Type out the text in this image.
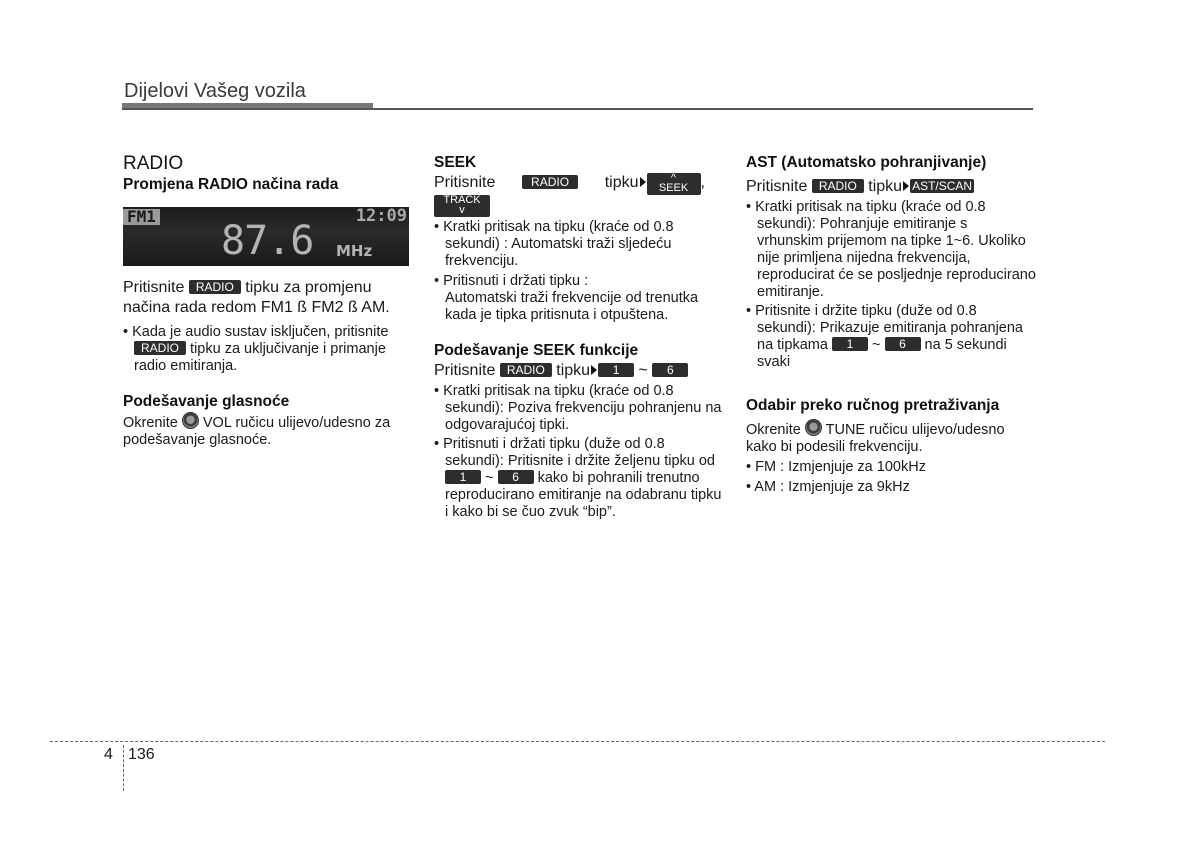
Dijelovi Vašeg vozila
RADIO

Promjena RADIO načina rada

FM1	12:09
87.6 MHz

Pritisnite RADIO tipku za promjenu načina rada redom FM1 ß FM2 ß AM.

• Kada je audio sustav isključen, pritisnite RADIO tipku za uključivanje i primanje radio emitiranja.

Podešavanje glasnoće

Okrenite VOL ručicu ulijevo/udesno za podešavanje glasnoće.

SEEK

Pritisnite	RADIO tipku	^
SEEK ,
TRACK
v

• Kratki pritisak na tipku (kraće od 0.8 sekundi) : Automatski traži sljedeću frekvenciju.

• Pritisnuti i držati tipku :
Automatski traži frekvencije od trenutka kada je tipka pritisnuta i otpuštena.

Podešavanje SEEK funkcije

Pritisnite RADIO tipku 1 ~ 6

• Kratki pritisak na tipku (kraće od 0.8 sekundi): Poziva frekvenciju pohranjenu na odgovarajućoj tipki.

• Pritisnuti i držati tipku (duže od 0.8 sekundi): Pritisnite i držite željenu tipku od 1 ~ 6 kako bi pohranili trenutno reproducirano emitiranje na odabranu tipku i kako bi se čuo zvuk “bip”.

AST (Automatsko pohranjivanje)

Pritisnite RADIO tipku AST/SCAN

• Kratki pritisak na tipku (kraće od 0.8 sekundi): Pohranjuje emitiranje s vrhunskim prijemom na tipke 1~6. Ukoliko nije primljena nijedna frekvencija, reproducirat će se posljednje reproducirano emitiranje.

• Pritisnite i držite tipku (duže od 0.8 sekundi): Prikazuje emitiranja pohranjena na tipkama 1 ~ 6 na 5 sekundi svaki

Odabir preko ručnog pretraživanja

Okrenite TUNE ručicu ulijevo/udesno kako bi podesili frekvenciju.

• FM : Izmjenjuje za 100kHz

• AM : Izmjenjuje za 9kHz

4 136
